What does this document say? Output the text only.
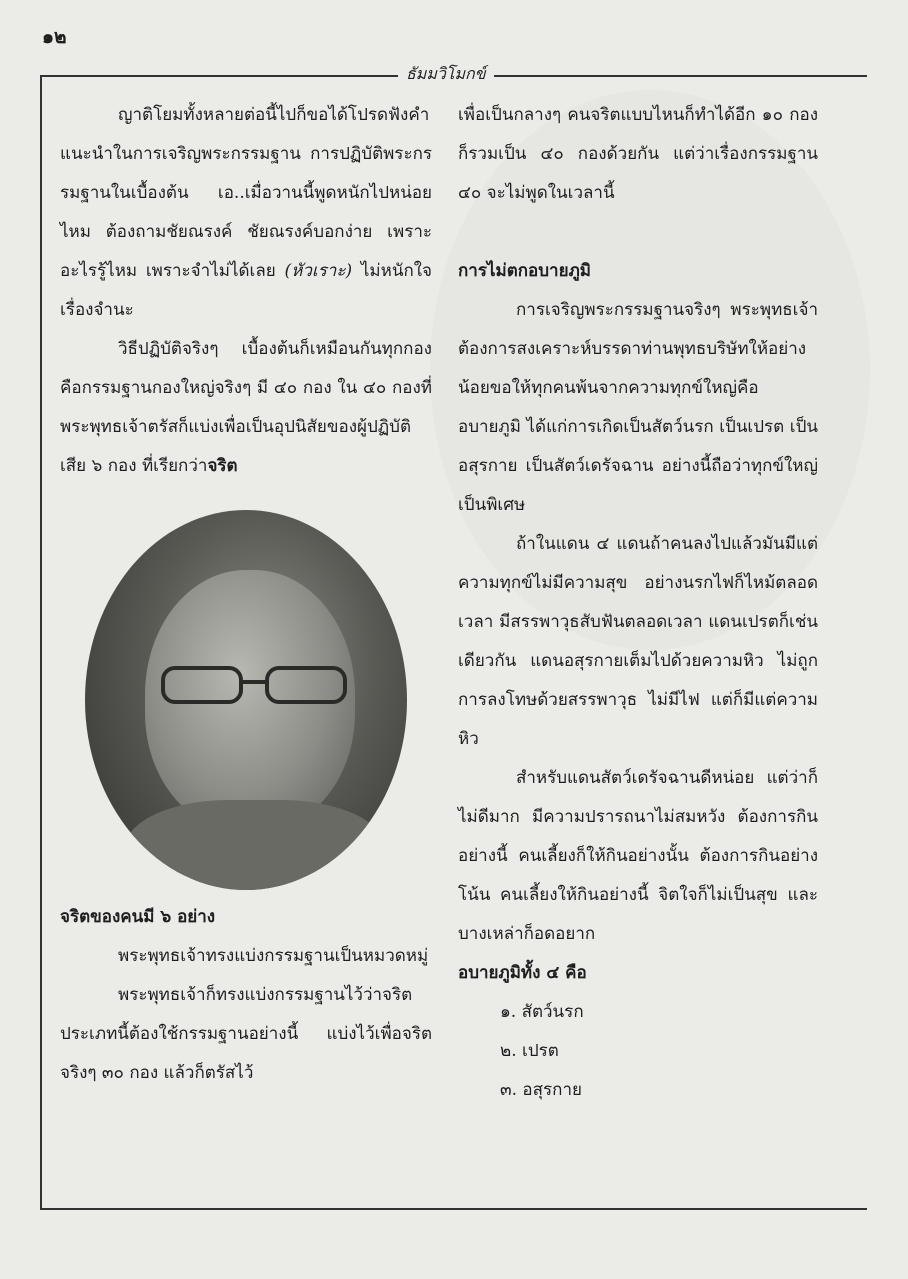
๑๒
ธัมมวิโมกข์

ญาติโยมทั้งหลายต่อนี้ไปก็ขอได้โปรดฟังคำแนะนำในการเจริญพระกรรมฐาน การปฏิบัติพระกรรมฐานในเบื้องต้น เอ..เมื่อวานนี้พูดหนักไปหน่อยไหม ต้องถามชัยณรงค์ ชัยณรงค์บอกง่าย เพราะอะไรรู้ไหม เพราะจำไม่ได้เลย (หัวเราะ) ไม่หนักใจเรื่องจำนะ

วิธีปฏิบัติจริงๆ เบื้องต้นก็เหมือนกันทุกกอง คือกรรมฐานกองใหญ่จริงๆ มี ๔๐ กอง ใน ๔๐ กองที่พระพุทธเจ้าตรัสก็แบ่งเพื่อเป็นอุปนิสัยของผู้ปฏิบัติเสีย ๖ กอง ที่เรียกว่าจริต

จริตของคนมี ๖ อย่าง

พระพุทธเจ้าทรงแบ่งกรรมฐานเป็นหมวดหมู่

พระพุทธเจ้าก็ทรงแบ่งกรรมฐานไว้ว่าจริตประเภทนี้ต้องใช้กรรมฐานอย่างนี้ แบ่งไว้เพื่อจริตจริงๆ ๓๐ กอง แล้วก็ตรัสไว้

เพื่อเป็นกลางๆ คนจริตแบบไหนก็ทำได้อีก ๑๐ กอง ก็รวมเป็น ๔๐ กองด้วยกัน แต่ว่าเรื่องกรรมฐาน ๔๐ จะไม่พูดในเวลานี้

การไม่ตกอบายภูมิ

การเจริญพระกรรมฐานจริงๆ พระพุทธเจ้าต้องการสงเคราะห์บรรดาท่านพุทธบริษัทให้อย่างน้อยขอให้ทุกคนพ้นจากความทุกข์ใหญ่คืออบายภูมิ ได้แก่การเกิดเป็นสัตว์นรก เป็นเปรต เป็นอสุรกาย เป็นสัตว์เดรัจฉาน อย่างนี้ถือว่าทุกข์ใหญ่เป็นพิเศษ

ถ้าในแดน ๔ แดนถ้าคนลงไปแล้วมันมีแต่ความทุกข์ไม่มีความสุข อย่างนรกไฟก็ไหม้ตลอดเวลา มีสรรพาวุธสับฟันตลอดเวลา แดนเปรตก็เช่นเดียวกัน แดนอสุรกายเต็มไปด้วยความหิว ไม่ถูกการลงโทษด้วยสรรพาวุธ ไม่มีไฟ แต่ก็มีแต่ความหิว

สำหรับแดนสัตว์เดรัจฉานดีหน่อย แต่ว่าก็ไม่ดีมาก มีความปรารถนาไม่สมหวัง ต้องการกินอย่างนี้ คนเลี้ยงก็ให้กินอย่างนั้น ต้องการกินอย่างโน้น คนเลี้ยงให้กินอย่างนี้ จิตใจก็ไม่เป็นสุข และบางเหล่าก็อดอยาก

อบายภูมิทั้ง ๔ คือ

๑. สัตว์นรก

๒. เปรต

๓. อสุรกาย
